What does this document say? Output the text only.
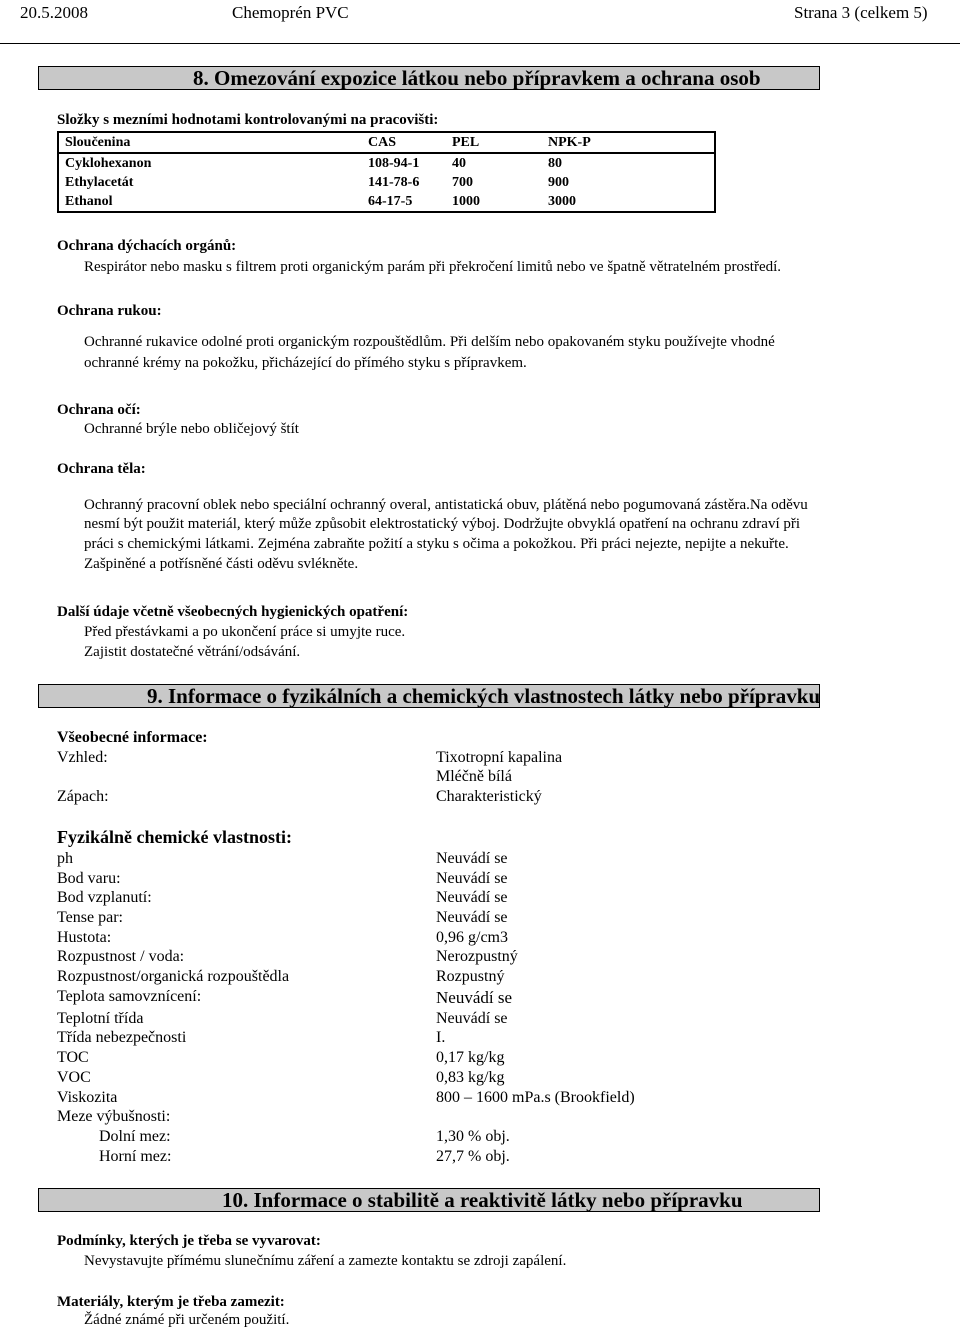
20.5.2008	Chemoprén PVC	Strana 3 (celkem 5)
8. Omezování expozice látkou nebo přípravkem a ochrana osob
Složky s mezními hodnotami kontrolovanými na pracovišti:
Sloučenina	CAS	PEL	NPK-P
Cyklohexanon	108-94-1	40	80
Ethylacetát	141-78-6	700	900
Ethanol	64-17-5	1000	3000
Ochrana dýchacích orgánů:
Respirátor nebo masku s filtrem proti organickým parám při překročení limitů nebo ve špatně větratelném prostředí.
Ochrana rukou:
Ochranné rukavice odolné proti organickým rozpouštědlům. Při delším nebo opakovaném styku používejte vhodné
ochranné krémy na pokožku, přicházející do přímého styku s přípravkem.
Ochrana očí:
Ochranné brýle nebo obličejový štít
Ochrana těla:
Ochranný pracovní oblek nebo speciální ochranný overal, antistatická obuv, plátěná nebo pogumovaná zástěra.Na oděvu
nesmí být použit materiál, který může způsobit elektrostatický výboj. Dodržujte obvyklá opatření na ochranu zdraví při
práci s chemickými látkami. Zejména zabraňte požití a styku s očima a pokožkou. Při práci nejezte, nepijte a nekuřte.
Zašpiněné a potřísněné části oděvu svlékněte.
Další údaje včetně všeobecných hygienických opatření:
Před přestávkami a po ukončení práce si umyjte ruce.
Zajistit dostatečné větrání/odsávání.
9. Informace o fyzikálních a chemických vlastnostech látky nebo přípravku
Všeobecné informace:
Vzhled:	Tixotropní kapalina
Mléčně bílá
Zápach:	Charakteristický
Fyzikálně chemické vlastnosti:
ph	Neuvádí se
Bod varu:	Neuvádí se
Bod vzplanutí:	Neuvádí se
Tense par:	Neuvádí se
Hustota:	0,96 g/cm3
Rozpustnost / voda:	Nerozpustný
Rozpustnost/organická rozpouštědla	Rozpustný
Teplota samovznícení:	Neuvádí se
Teplotní třída	Neuvádí se
Třída nebezpečnosti	I.
TOC	0,17 kg/kg
VOC	0,83 kg/kg
Viskozita	800 – 1600 mPa.s (Brookfield)
Meze výbušnosti:
Dolní mez:	1,30 % obj.
Horní mez:	27,7 % obj.
10. Informace o stabilitě a reaktivitě látky nebo přípravku
Podmínky, kterých je třeba se vyvarovat:
Nevystavujte přímému slunečnímu záření a zamezte kontaktu se zdroji zapálení.
Materiály, kterým je třeba zamezit:
Žádné známé při určeném použití.
